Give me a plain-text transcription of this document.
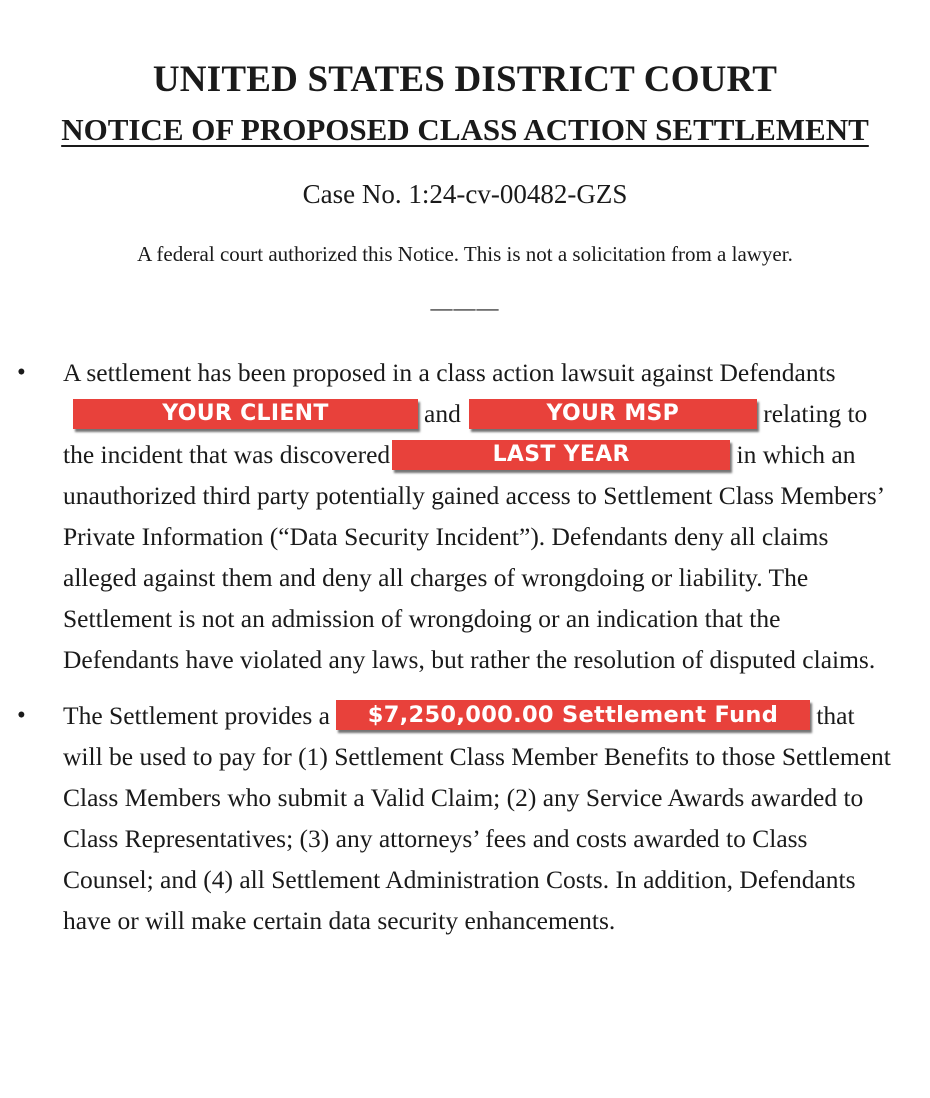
UNITED STATES DISTRICT COURT
NOTICE OF PROPOSED CLASS ACTION SETTLEMENT

Case No. 1:24-cv-00482-GZS

A federal court authorized this Notice. This is not a solicitation from a lawyer.

———
• A settlement has been proposed in a class action lawsuit against DefendantsYOUR CLIENT	and	YOUR MSP	relating to the incident that was discovered	LAST YEAR	in which an unauthorized third party potentially gained access to Settlement Class Members’ Private Information (“Data Security Incident”). Defendants deny all claims alleged against them and deny all charges of wrongdoing or liability. The Settlement is not an admission of wrongdoing or an indication that the Defendants have violated any laws, but rather the resolution of disputed claims.
• The Settlement provides a $7,250,000.00 Settlement Fund that will be used to pay for (1) Settlement Class Member Benefits to those Settlement Class Members who submit a Valid Claim; (2) any Service Awards awarded to Class Representatives; (3) any attorneys’ fees and costs awarded to Class Counsel; and (4) all Settlement Administration Costs. In addition, Defendants have or will make certain data security enhancements.
